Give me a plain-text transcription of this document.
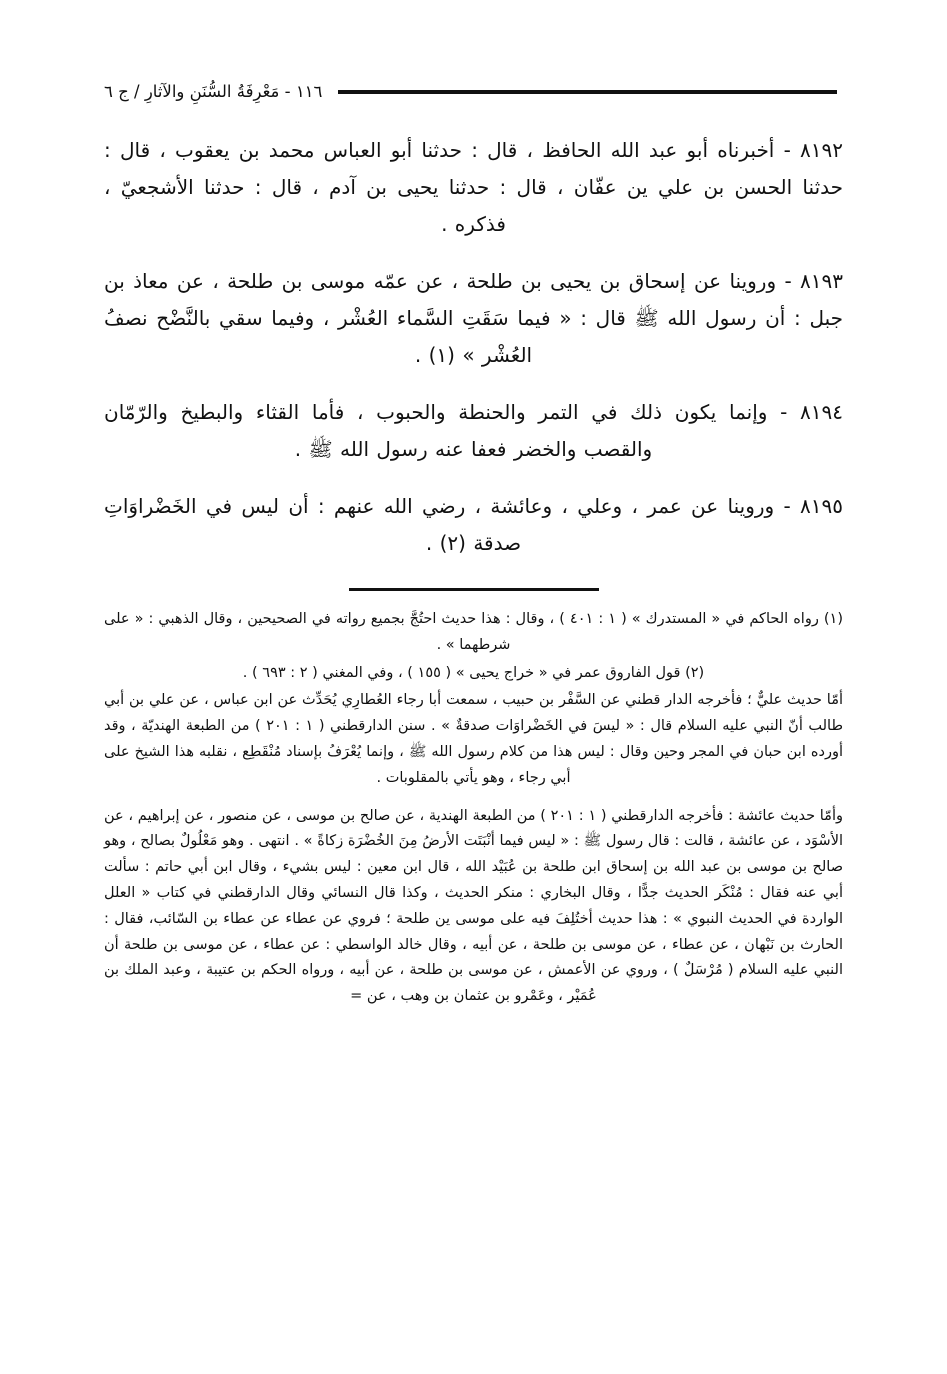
١١٦ - مَعْرِفَةُ السُّنَنِ والآثارِ / ج ٦

٨١٩٢ - أخبرناه أبو عبد الله الحافظ ، قال : حدثنا أبو العباس محمد بن يعقوب ، قال : حدثنا الحسن بن علي ين عفّان ، قال : حدثنا يحيى بن آدم ، قال : حدثنا الأشجعيّ ، فذكره .

٨١٩٣ - وروينا عن إسحاق بن يحيى بن طلحة ، عن عمّه موسى بن طلحة ، عن معاذ بن جبل : أن رسول الله ﷺ قال : « فيما سَقَتِ السَّماء العُشْر ، وفيما سقي بالنَّضْح نصفُ العُشْر » (١) .

٨١٩٤ - وإنما يكون ذلك في التمر والحنطة والحبوب ، فأما القثاء والبطيخ والرّمّان والقصب والخضر فعفا عنه رسول الله ﷺ .

٨١٩٥ - وروينا عن عمر ، وعلي ، وعائشة ، رضي الله عنهم : أن ليس في الخَضْراوَاتِ صدقة (٢) .

(١) رواه الحاكم في « المستدرك » ( ١ : ٤٠١ ) ، وقال : هذا حديث احتُجَّ بجميع رواته في الصحيحين ، وقال الذهبي : « على شرطهما » .

(٢) قول الفاروق عمر في « خراج يحيى » ( ١٥٥ ) ، وفي المغني ( ٢ : ٦٩٣ ) .

أمّا حديث عليٌّ ؛ فأخرجه الدار قطني عن السَّفْر بن حبيب ، سمعت أبا رجاء العُطارِي يُحَدِّث عن ابن عباس ، عن علي بن أبي طالب أنّ النبي عليه السلام قال : « ليسَ في الخَضْراوَات صدقةٌ » . سنن الدارقطني ( ١ : ٢٠١ ) من الطبعة الهنديّة ، وقد أورده ابن حبان في المجر وحين وقال : ليس هذا من كلام رسول الله ﷺ ، وإنما يُعْرَفُ بإسناد مُنْقَطِع ، نقلبه هذا الشيخ على أبي رجاء ، وهو يأتي بالمقلوبات .

وأمّا حديث عائشة : فأخرجه الدارقطني ( ١ : ٢٠١ ) من الطبعة الهندية ، عن صالح بن موسى ، عن منصور ، عن إبراهيم ، عن الأسْوَد ، عن عائشة ، قالت : قال رسول ﷺ : « ليس فيما أنْبَتَت الأرضُ مِنَ الخُضْرَة زكاةً » . انتهى . وهو مَعْلُولٌ بصالح ، وهو صالح بن موسى بن عبد الله بن إسحاق ابن طلحة بن عُبَيْد الله ، قال ابن معين : ليس بشيء ، وقال ابن أبي حاتم : سألت أبي عنه فقال : مُنْكَر الحديث جدًّا ، وقال البخاري : منكر الحديث ، وكذا قال النسائي وقال الدارقطني في كتاب « العلل الواردة في الحديث النبوي » : هذا حديث أختُلِفَ فيه على موسى ين طلحة ؛ فروي عن عطاء عن عطاء بن السّائب، فقال : الحارث بن نَبْهان ، عن عطاء ، عن موسى بن طلحة ، عن أبيه ، وقال خالد الواسطي : عن عطاء ، عن موسى بن طلحة أن النبي عليه السلام ( مُرْسَلٌ ) ، وروي عن الأعمش ، عن موسى بن طلحة ، عن أبيه ، ورواه الحكم بن عتيبة ، وعبد الملك بن عُمَيْر ، وعَمْرو بن عثمان بن وهب ، عن =
